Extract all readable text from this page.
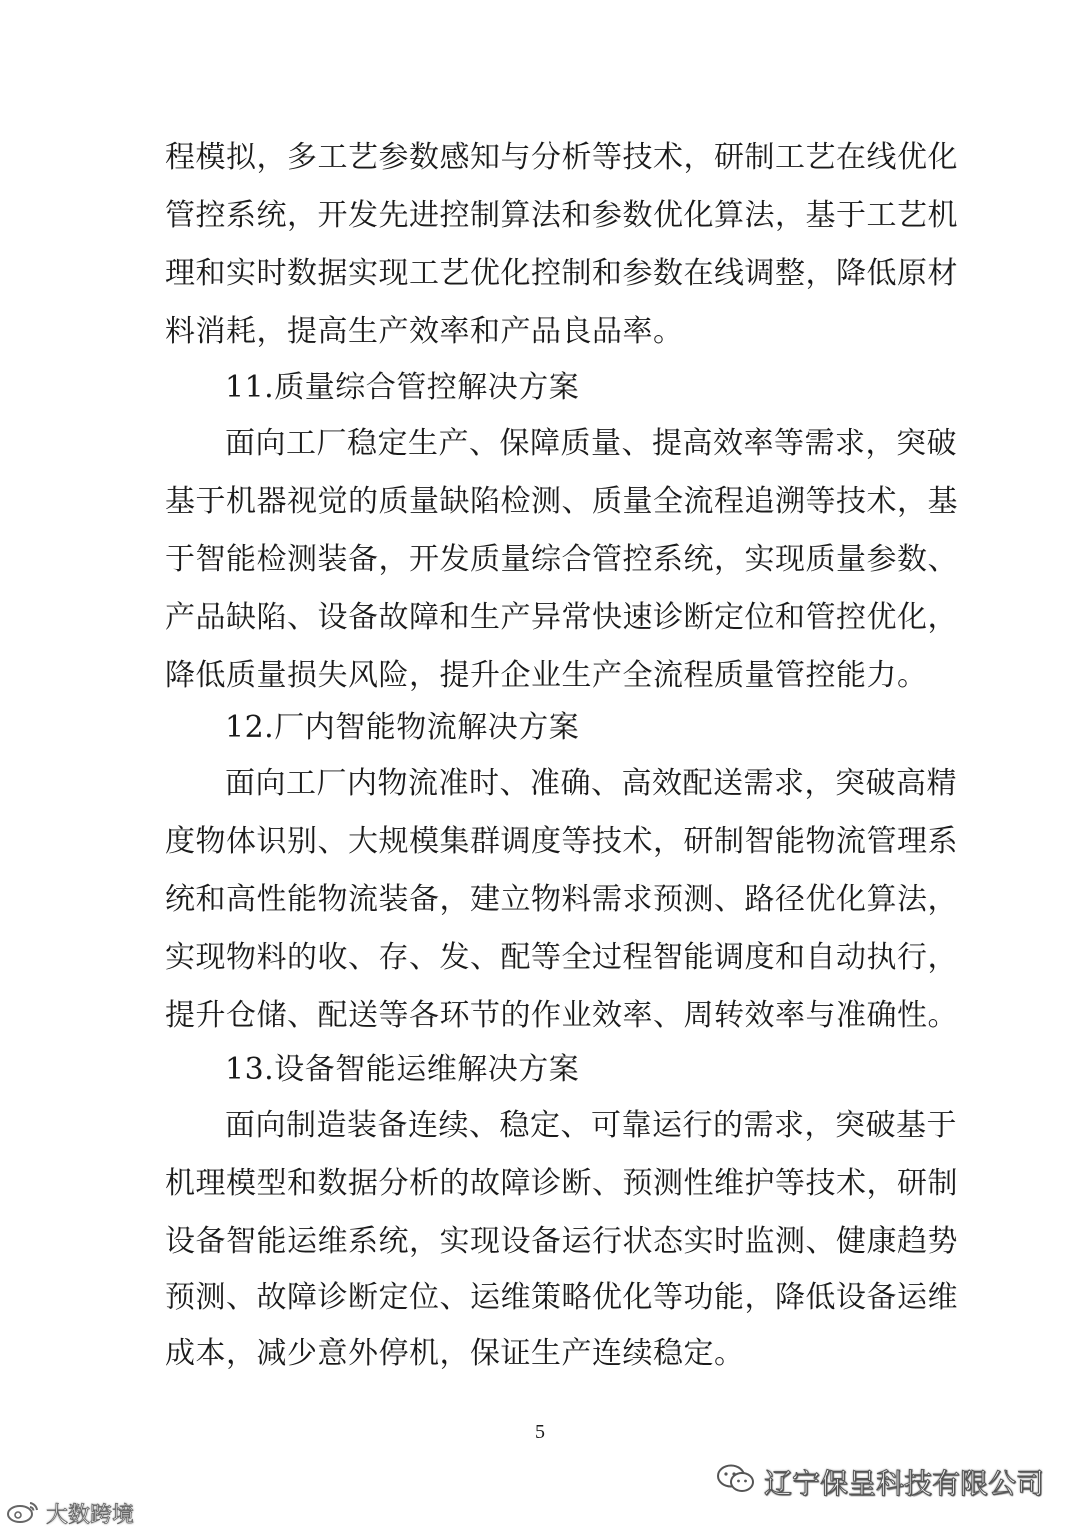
程模拟，多工艺参数感知与分析等技术，研制工艺在线优化
管控系统，开发先进控制算法和参数优化算法，基于工艺机
理和实时数据实现工艺优化控制和参数在线调整，降低原材
料消耗，提高生产效率和产品良品率。
11.质量综合管控解决方案
面向工厂稳定生产、保障质量、提高效率等需求，突破
基于机器视觉的质量缺陷检测、质量全流程追溯等技术，基
于智能检测装备，开发质量综合管控系统，实现质量参数、
产品缺陷、设备故障和生产异常快速诊断定位和管控优化，
降低质量损失风险，提升企业生产全流程质量管控能力。
12.厂内智能物流解决方案
面向工厂内物流准时、准确、高效配送需求，突破高精
度物体识别、大规模集群调度等技术，研制智能物流管理系
统和高性能物流装备，建立物料需求预测、路径优化算法，
实现物料的收、存、发、配等全过程智能调度和自动执行，
提升仓储、配送等各环节的作业效率、周转效率与准确性。
13.设备智能运维解决方案
面向制造装备连续、稳定、可靠运行的需求，突破基于
机理模型和数据分析的故障诊断、预测性维护等技术，研制
设备智能运维系统，实现设备运行状态实时监测、健康趋势
预测、故障诊断定位、运维策略优化等功能，降低设备运维
成本，减少意外停机，保证生产连续稳定。
5
辽宁保呈科技有限公司
大数跨境
